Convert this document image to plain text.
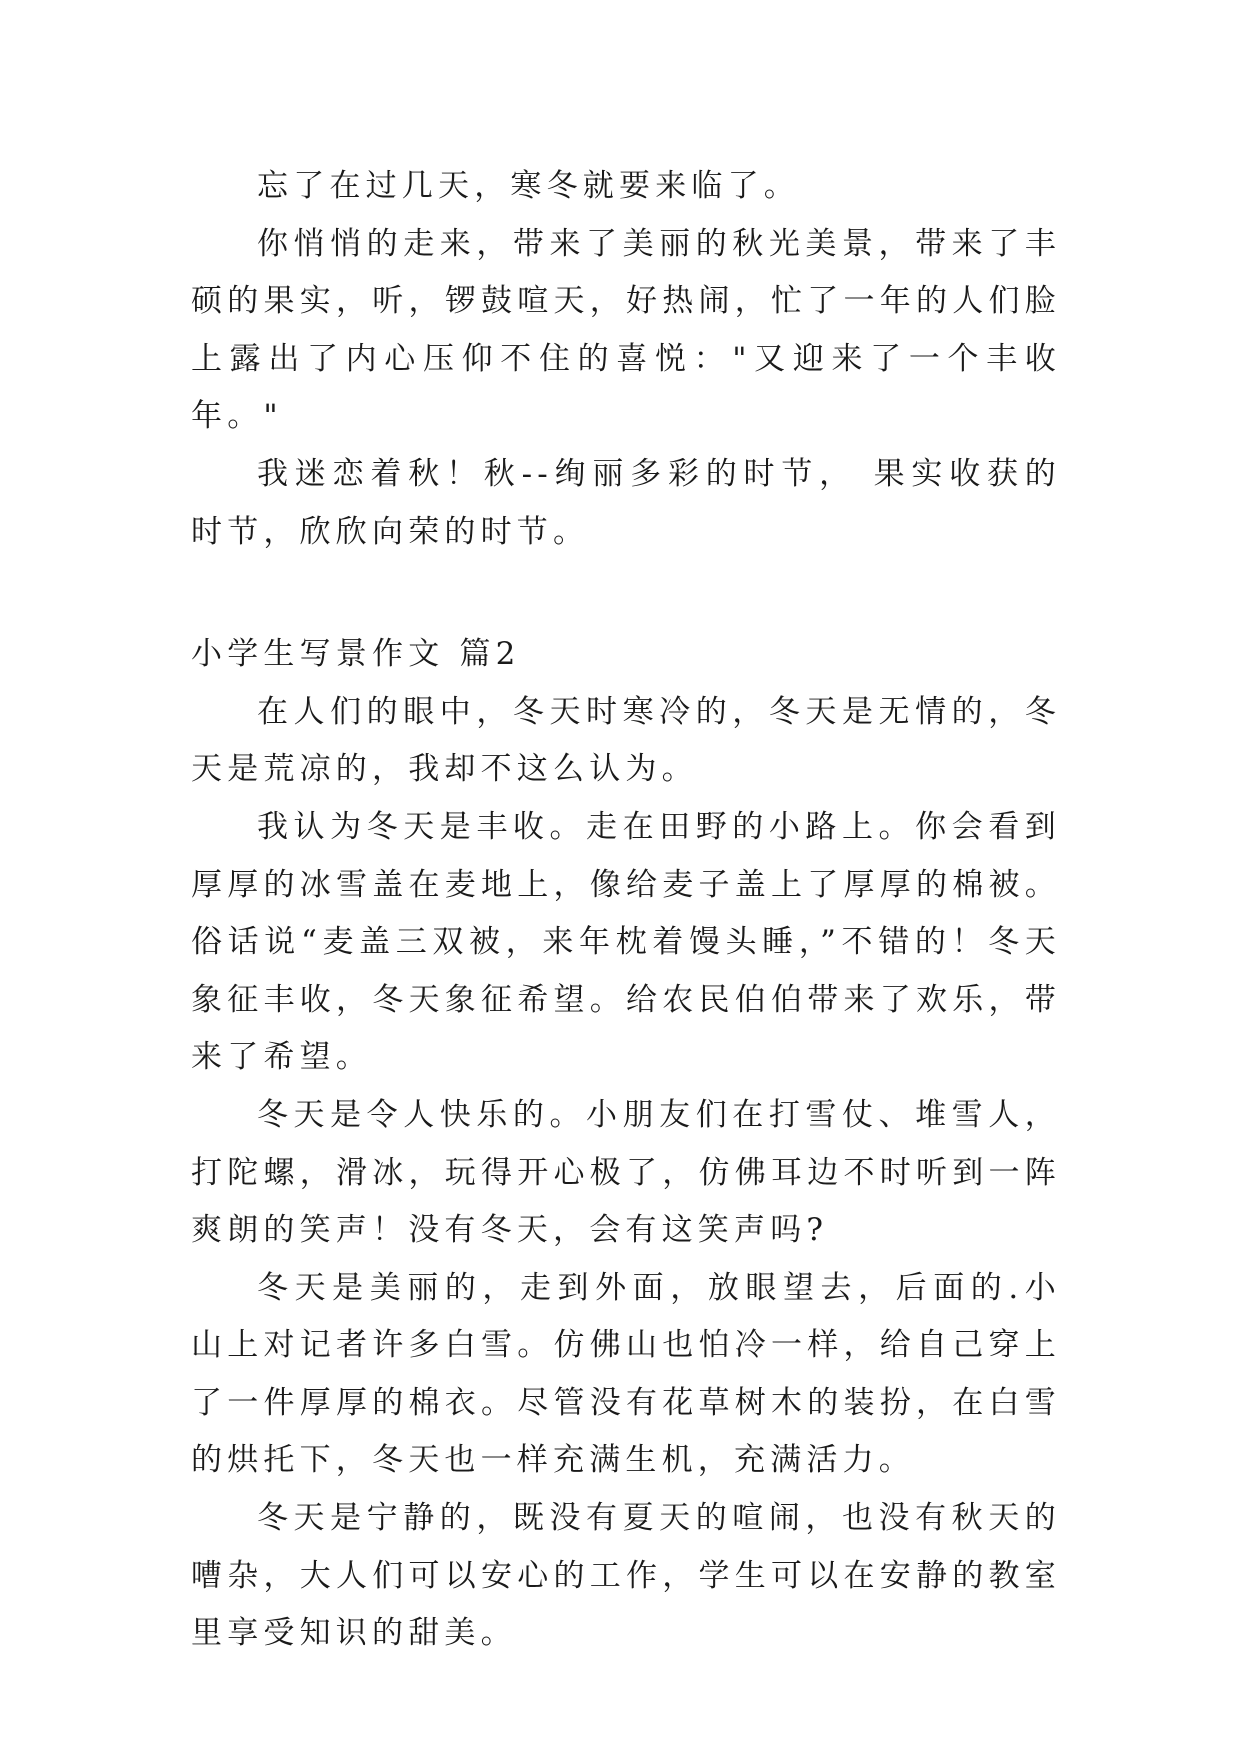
忘了在过几天，寒冬就要来临了。

你悄悄的走来，带来了美丽的秋光美景，带来了丰硕的果实，听，锣鼓喧天，好热闹，忙了一年的人们脸上露出了内心压仰不住的喜悦："又迎来了一个丰收年。"

我迷恋着秋！秋--绚丽多彩的时节， 果实收获的时节，欣欣向荣的时节。

小学生写景作文 篇2

在人们的眼中，冬天时寒冷的，冬天是无情的，冬天是荒凉的，我却不这么认为。

我认为冬天是丰收。走在田野的小路上。你会看到厚厚的冰雪盖在麦地上，像给麦子盖上了厚厚的棉被。俗话说“麦盖三双被，来年枕着馒头睡，”不错的！冬天象征丰收，冬天象征希望。给农民伯伯带来了欢乐，带来了希望。

冬天是令人快乐的。小朋友们在打雪仗、堆雪人，打陀螺，滑冰，玩得开心极了，仿佛耳边不时听到一阵爽朗的笑声！没有冬天，会有这笑声吗?

冬天是美丽的，走到外面，放眼望去，后面的.小山上对记者许多白雪。仿佛山也怕冷一样，给自己穿上了一件厚厚的棉衣。尽管没有花草树木的装扮，在白雪的烘托下，冬天也一样充满生机，充满活力。

冬天是宁静的，既没有夏天的喧闹，也没有秋天的嘈杂，大人们可以安心的工作，学生可以在安静的教室里享受知识的甜美。
